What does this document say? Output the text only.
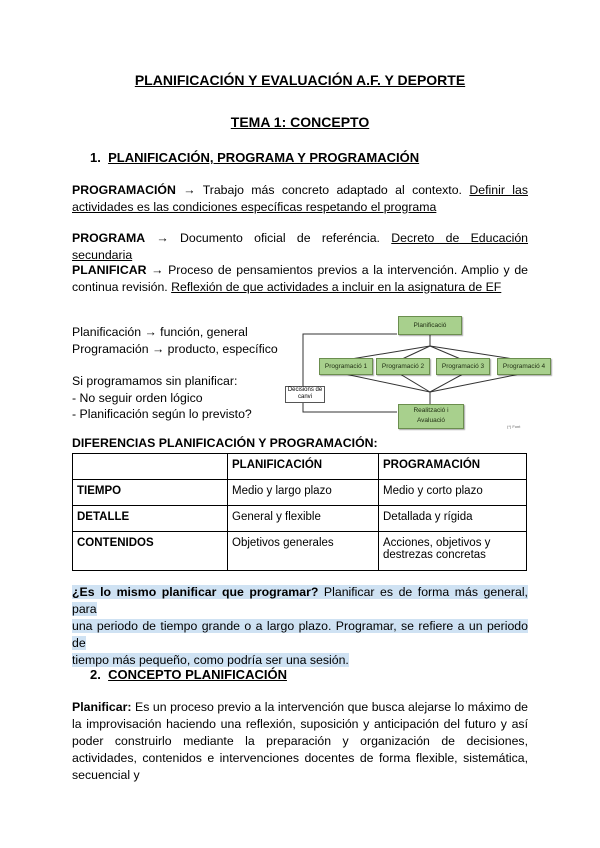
PLANIFICACIÓN Y EVALUACIÓN A.F. Y DEPORTE
TEMA 1: CONCEPTO
1. PLANIFICACIÓN, PROGRAMA Y PROGRAMACIÓN
PROGRAMACIÓN → Trabajo más concreto adaptado al contexto. Definir las actividades es las condiciones específicas respetando el programa
PROGRAMA → Documento oficial de referéncia. Decreto de Educación secundaria
PLANIFICAR → Proceso de pensamientos previos a la intervención. Amplio y de continua revisión. Reflexión de que actividades a incluir en la asignatura de EF
Planificación → función, general
Programación → producto, específico
Si programamos sin planificar:
- No seguir orden lógico
- Planificación según lo previsto?
Planificació
Programació 1	Programació 2	Programació 3	Programació 4
Realització i
Avaluació
Decisions de
canvi
(*) Font
DIFERENCIAS PLANIFICACIÓN Y PROGRAMACIÓN:
	PLANIFICACIÓN	PROGRAMACIÓN
TIEMPO	Medio y largo plazo	Medio y corto plazo
DETALLE	General y flexible	Detallada y rígida
CONTENIDOS	Objetivos generales	Acciones, objetivos y destrezas concretas
¿Es lo mismo planificar que programar? Planificar es de forma más general, para
una periodo de tiempo grande o a largo plazo. Programar, se refiere a un periodo de
tiempo más pequeño, como podría ser una sesión.
2. CONCEPTO PLANIFICACIÓN
Planificar: Es un proceso previo a la intervención que busca alejarse lo máximo de la improvisación haciendo una reflexión, suposición y anticipación del futuro y así poder construirlo mediante la preparación y organización de decisiones, actividades, contenidos e intervenciones docentes de forma flexible, sistemática, secuencial y
